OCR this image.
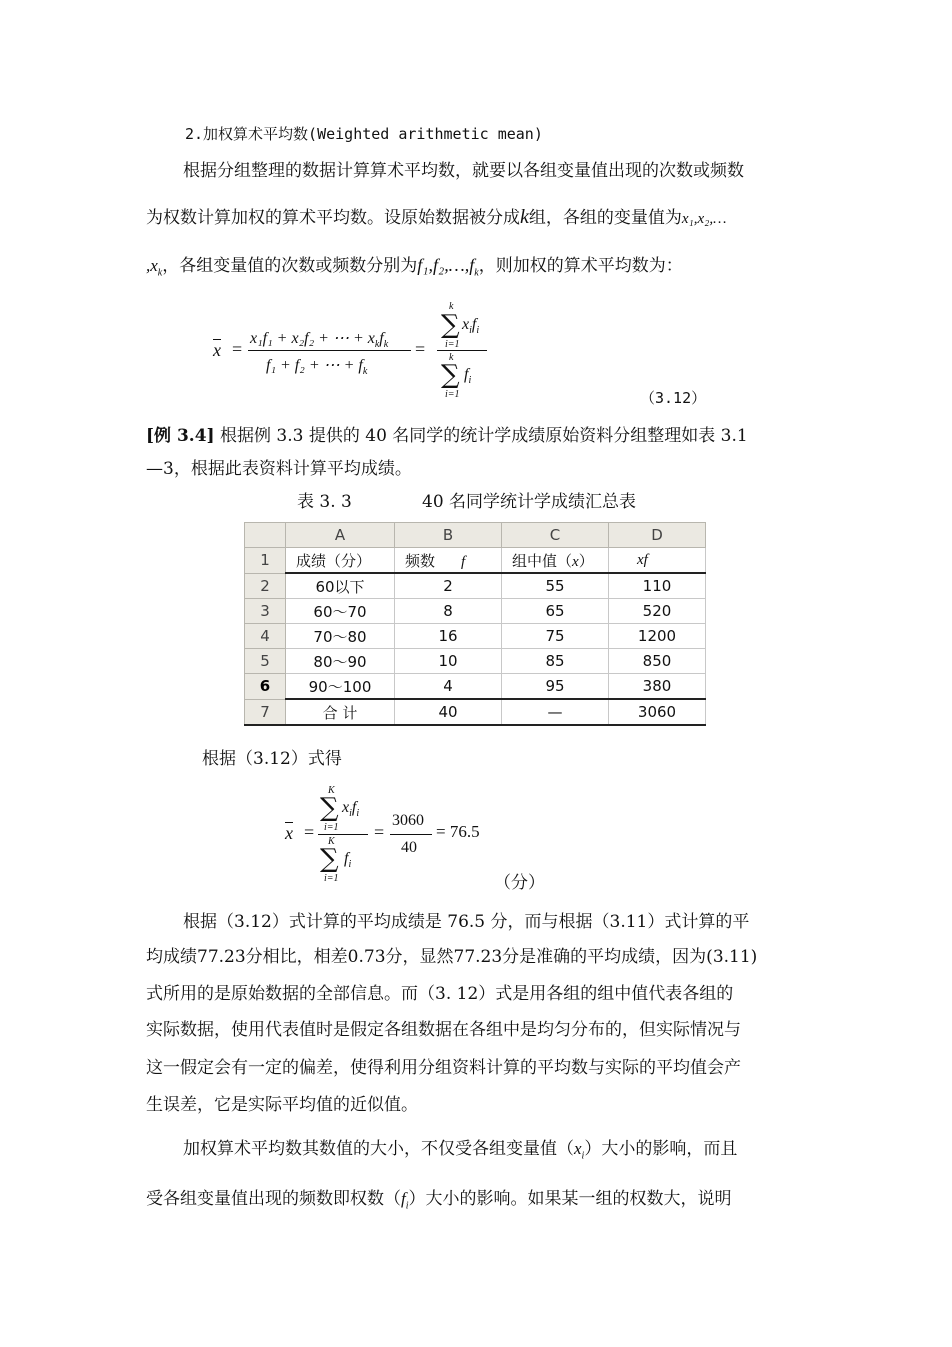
2.加权算术平均数(Weighted arithmetic mean)
根据分组整理的数据计算算术平均数，就要以各组变量值出现的次数或频数
为权数计算加权的算术平均数。设原始数据被分成k组，各组的变量值为x₁,x₂,…
$,x_k$，各组变量值的次数或频数分别为$f_1,f_2,\dots,f_k$，则加权的算术平均数为：
$\overline{x}$ =
x₁f₁ + x₂f₂ + ⋯ + $x_kf_k$
f₁ + f₂ + ⋯ + $f_k$
=
k
∑
i=1
$x_if_i$
k
∑
i=1
$f_i$
（3.12）
[例 3.4] 根据例 3.3 提供的 40 名同学的统计学成绩原始资料分组整理如表 3.1
—3，根据此表资料计算平均成绩。
表 3. 3	40 名同学统计学成绩汇总表
	A	B	C	D
1	成绩（分）	频数 f	组中值（x）	xf
2	60以下	2	55	110
3	60～70	8	65	520
4	70～80	16	75	1200
5	80～90	10	85	850
6	90～100	4	95	380
7	合 计	40	—	3060
根据（3.12）式得
$\overline{x}$ =
K
∑
i=1
$x_if_i$
K
∑
i=1
$f_i$
=
3060
40
= 76.5
（分）
根据（3.12）式计算的平均成绩是 76.5 分，而与根据（3.11）式计算的平
均成绩77.23分相比，相差0.73分，显然77.23分是准确的平均成绩，因为(3.11)
式所用的是原始数据的全部信息。而（3. 12）式是用各组的组中值代表各组的
实际数据，使用代表值时是假定各组数据在各组中是均匀分布的，但实际情况与
这一假定会有一定的偏差，使得利用分组资料计算的平均数与实际的平均值会产
生误差，它是实际平均值的近似值。
加权算术平均数其数值的大小，不仅受各组变量值$(x_i)$大小的影响，而且
受各组变量值出现的频数即权数$(f_i)$大小的影响。如果某一组的权数大，说明
